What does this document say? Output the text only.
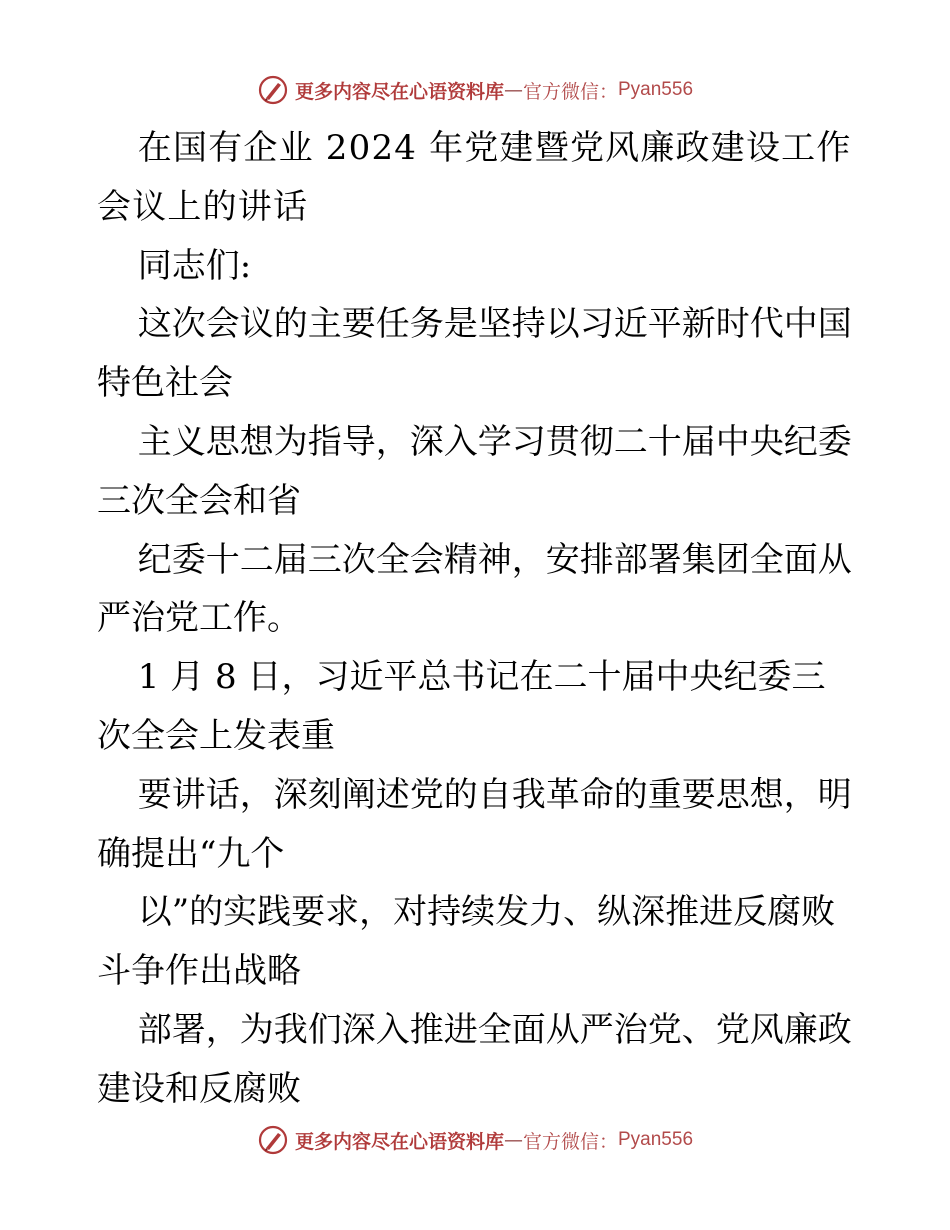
更多内容尽在心语资料库 — 官方微信： Pyan556

在国有企业 2024 年党建暨党风廉政建设工作会议上的讲话

同志们:

这次会议的主要任务是坚持以习近平新时代中国特色社会

主义思想为指导，深入学习贯彻二十届中央纪委三次全会和省

纪委十二届三次全会精神，安排部署集团全面从严治党工作。

1 月 8 日，习近平总书记在二十届中央纪委三次全会上发表重

要讲话，深刻阐述党的自我革命的重要思想，明确提出“九个

以”的实践要求，对持续发力、纵深推进反腐败斗争作出战略

部署，为我们深入推进全面从严治党、党风廉政建设和反腐败

更多内容尽在心语资料库 — 官方微信： Pyan556
